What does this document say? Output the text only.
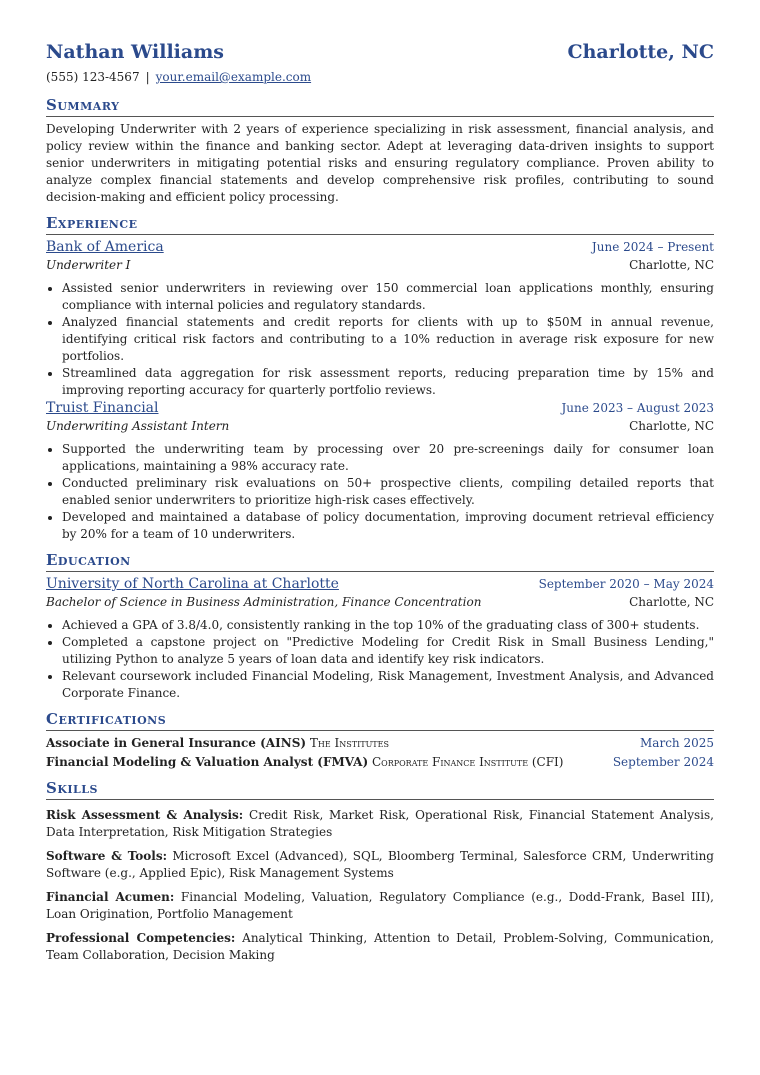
Nathan Williams	Charlotte, NC
(555) 123-4567 | your.email@example.com
Summary
Developing Underwriter with 2 years of experience specializing in risk assessment, financial analysis, and policy review within the finance and banking sector. Adept at leveraging data-driven insights to support senior underwriters in mitigating potential risks and ensuring regulatory compliance. Proven ability to analyze complex financial statements and develop comprehensive risk profiles, contributing to sound decision-making and efficient policy processing.
Experience
Bank of America	June 2024 – Present
Underwriter I	Charlotte, NC
• Assisted senior underwriters in reviewing over 150 commercial loan applications monthly, ensuring compliance with internal policies and regulatory standards.
• Analyzed financial statements and credit reports for clients with up to $50M in annual revenue, identifying critical risk factors and contributing to a 10% reduction in average risk exposure for new portfolios.
• Streamlined data aggregation for risk assessment reports, reducing preparation time by 15% and improving reporting accuracy for quarterly portfolio reviews.
Truist Financial	June 2023 – August 2023
Underwriting Assistant Intern	Charlotte, NC
• Supported the underwriting team by processing over 20 pre-screenings daily for consumer loan applications, maintaining a 98% accuracy rate.
• Conducted preliminary risk evaluations on 50+ prospective clients, compiling detailed reports that enabled senior underwriters to prioritize high-risk cases effectively.
• Developed and maintained a database of policy documentation, improving document retrieval efficiency by 20% for a team of 10 underwriters.
Education
University of North Carolina at Charlotte	September 2020 – May 2024
Bachelor of Science in Business Administration, Finance Concentration	Charlotte, NC
• Achieved a GPA of 3.8/4.0, consistently ranking in the top 10% of the graduating class of 300+ students.
• Completed a capstone project on "Predictive Modeling for Credit Risk in Small Business Lending," utilizing Python to analyze 5 years of loan data and identify key risk indicators.
• Relevant coursework included Financial Modeling, Risk Management, Investment Analysis, and Advanced Corporate Finance.
Certifications
Associate in General Insurance (AINS) The Institutes	March 2025
Financial Modeling & Valuation Analyst (FMVA) Corporate Finance Institute (CFI)	September 2024
Skills
Risk Assessment & Analysis: Credit Risk, Market Risk, Operational Risk, Financial Statement Analysis, Data Interpretation, Risk Mitigation Strategies
Software & Tools: Microsoft Excel (Advanced), SQL, Bloomberg Terminal, Salesforce CRM, Underwriting Software (e.g., Applied Epic), Risk Management Systems
Financial Acumen: Financial Modeling, Valuation, Regulatory Compliance (e.g., Dodd-Frank, Basel III), Loan Origination, Portfolio Management
Professional Competencies: Analytical Thinking, Attention to Detail, Problem-Solving, Communication, Team Collaboration, Decision Making
